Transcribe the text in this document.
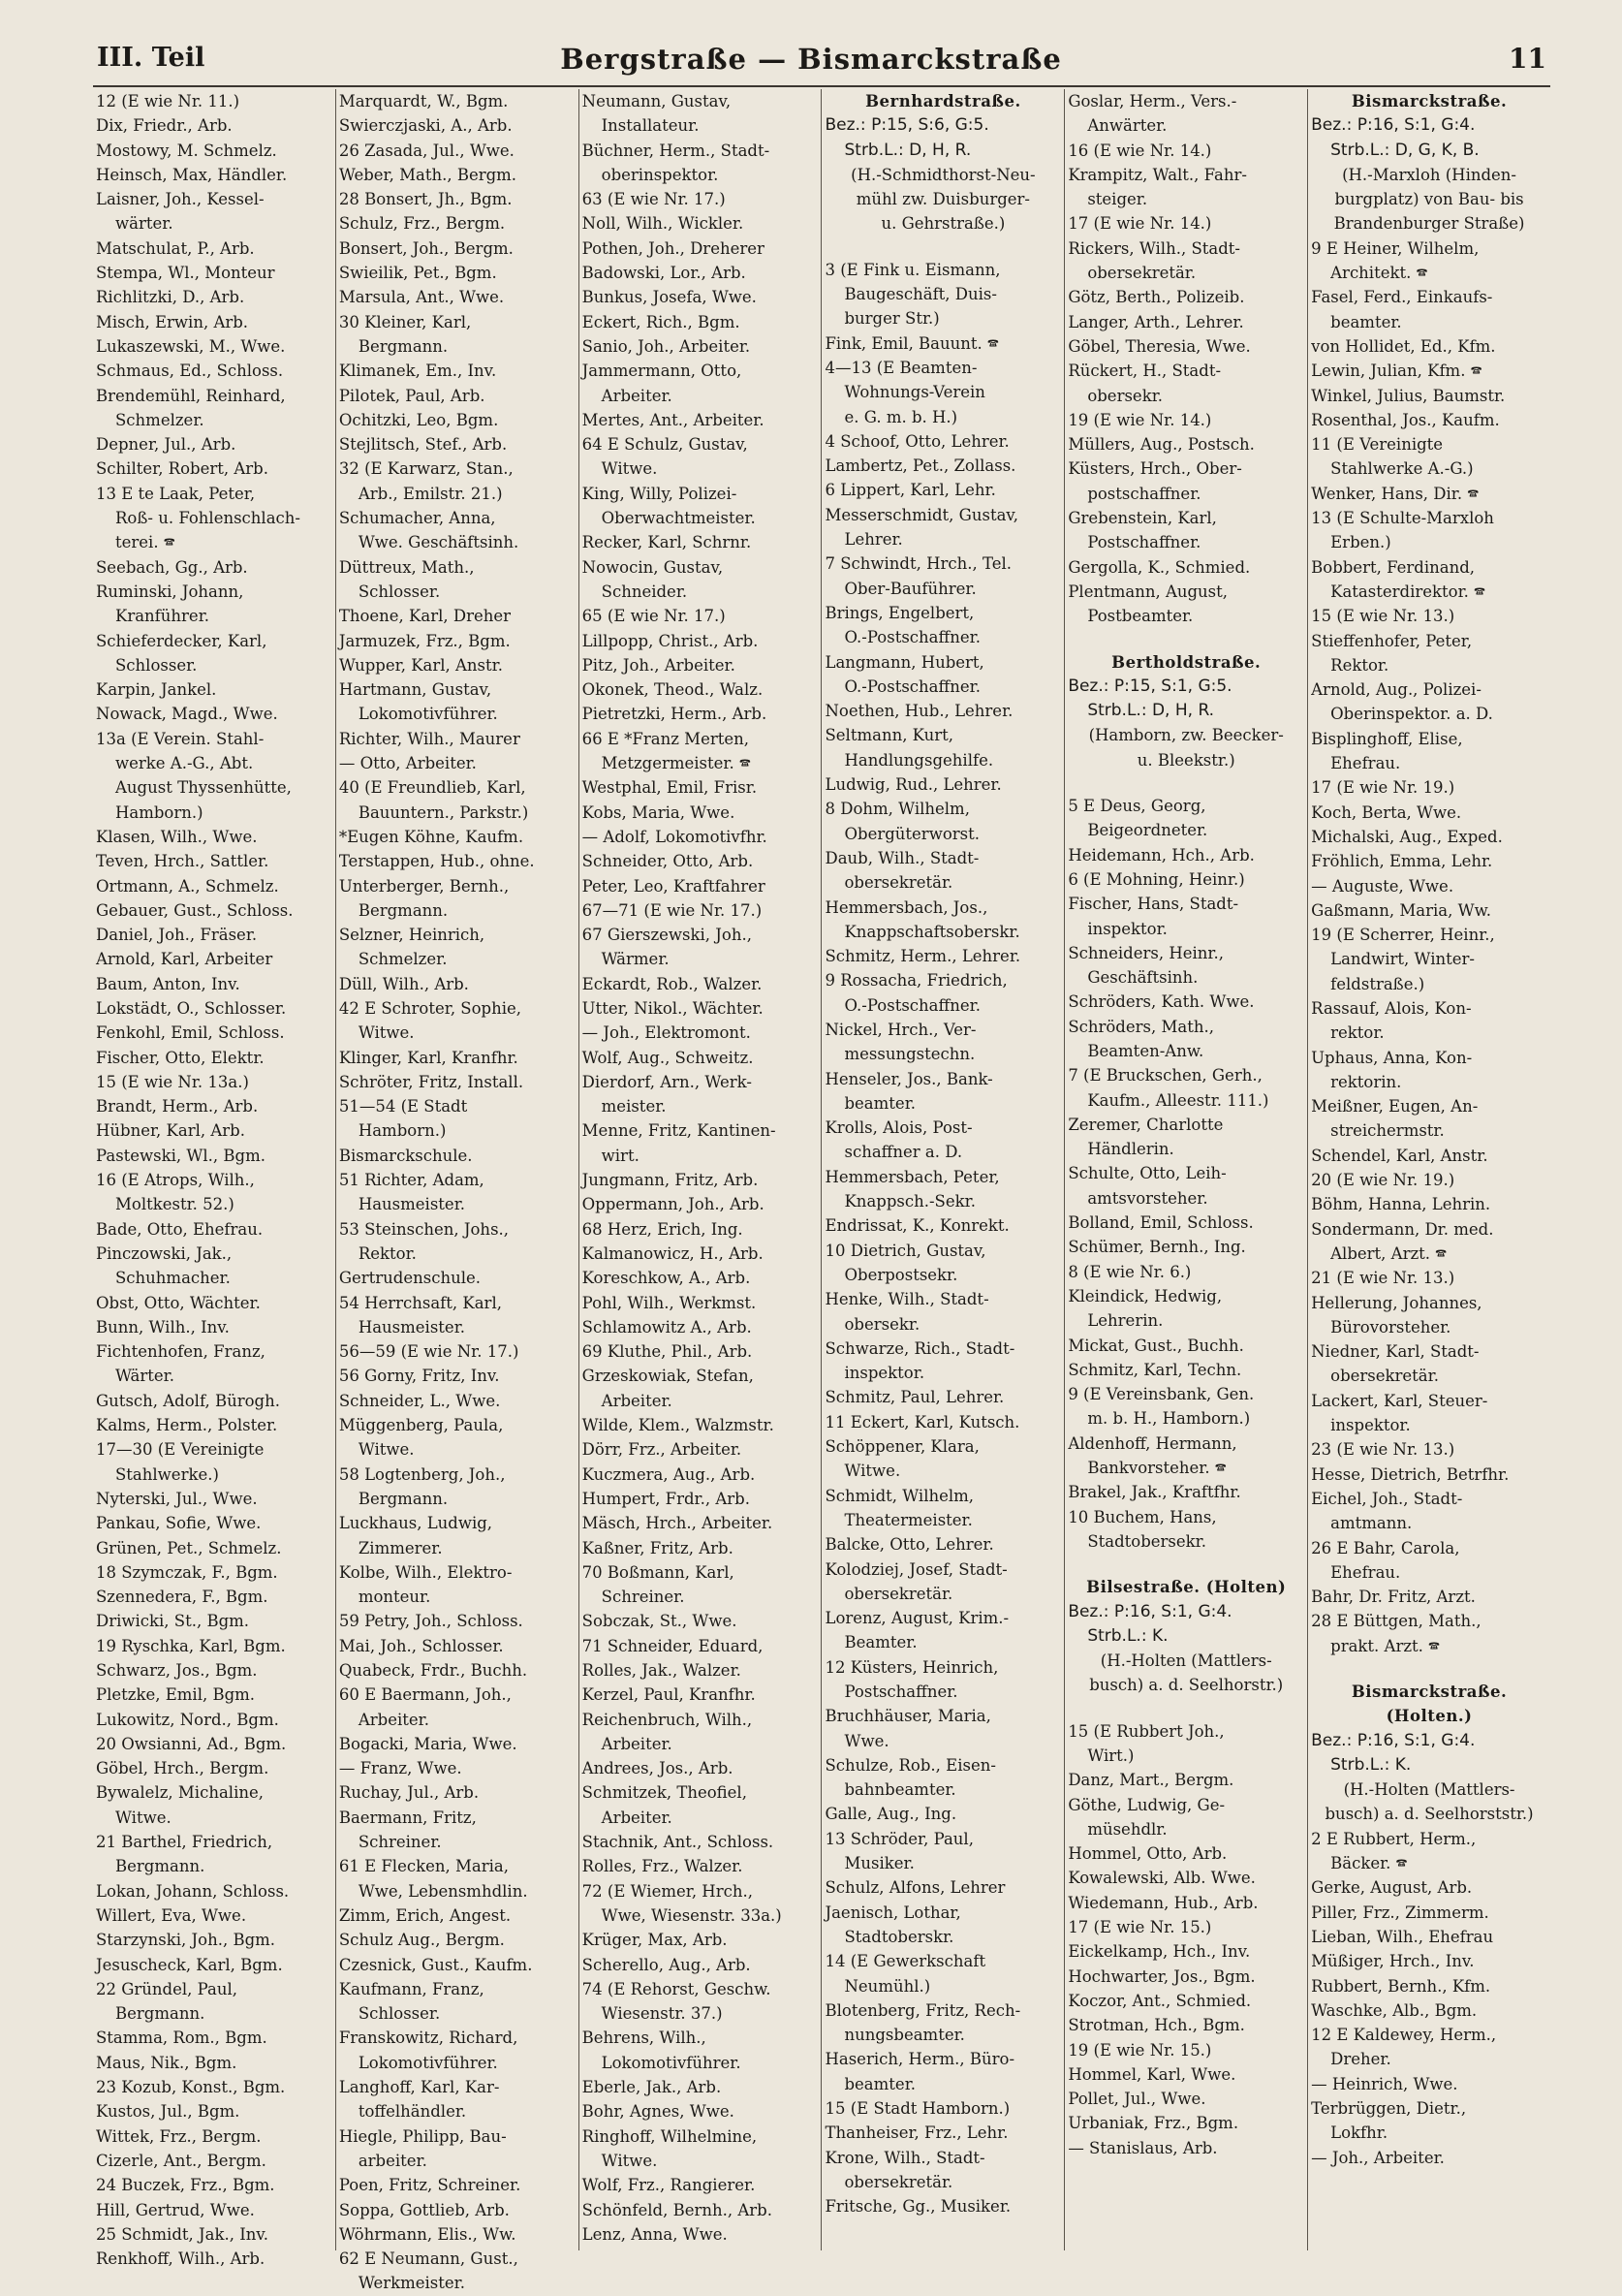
III. Teil	Bergstraße — Bismarckstraße	11
12 (E wie Nr. 11.)
Dix, Friedr., Arb.
Mostowy, M. Schmelz.
Heinsch, Max, Händler.
Laisner, Joh., Kessel-
wärter.
Matschulat, P., Arb.
Stempa, Wl., Monteur
Richlitzki, D., Arb.
Misch, Erwin, Arb.
Lukaszewski, M., Wwe.
Schmaus, Ed., Schloss.
Brendemühl, Reinhard,
Schmelzer.
Depner, Jul., Arb.
Schilter, Robert, Arb.
13 E te Laak, Peter,
Roß- u. Fohlenschlach-
terei. 🕿
Seebach, Gg., Arb.
Ruminski, Johann,
Kranführer.
Schieferdecker, Karl,
Schlosser.
Karpin, Jankel.
Nowack, Magd., Wwe.
13a (E Verein. Stahl-
werke A.-G., Abt.
August Thyssenhütte,
Hamborn.)
Klasen, Wilh., Wwe.
Teven, Hrch., Sattler.
Ortmann, A., Schmelz.
Gebauer, Gust., Schloss.
Daniel, Joh., Fräser.
Arnold, Karl, Arbeiter
Baum, Anton, Inv.
Lokstädt, O., Schlosser.
Fenkohl, Emil, Schloss.
Fischer, Otto, Elektr.
15 (E wie Nr. 13a.)
Brandt, Herm., Arb.
Hübner, Karl, Arb.
Pastewski, Wl., Bgm.
16 (E Atrops, Wilh.,
Moltkestr. 52.)
Bade, Otto, Ehefrau.
Pinczowski, Jak.,
Schuhmacher.
Obst, Otto, Wächter.
Bunn, Wilh., Inv.
Fichtenhofen, Franz,
Wärter.
Gutsch, Adolf, Bürogh.
Kalms, Herm., Polster.
17—30 (E Vereinigte
Stahlwerke.)
Nyterski, Jul., Wwe.
Pankau, Sofie, Wwe.
Grünen, Pet., Schmelz.
18 Szymczak, F., Bgm.
Szennedera, F., Bgm.
Driwicki, St., Bgm.
19 Ryschka, Karl, Bgm.
Schwarz, Jos., Bgm.
Pletzke, Emil, Bgm.
Lukowitz, Nord., Bgm.
20 Owsianni, Ad., Bgm.
Göbel, Hrch., Bergm.
Bywalelz, Michaline,
Witwe.
21 Barthel, Friedrich,
Bergmann.
Lokan, Johann, Schloss.
Willert, Eva, Wwe.
Starzynski, Joh., Bgm.
Jesuscheck, Karl, Bgm.
22 Gründel, Paul,
Bergmann.
Stamma, Rom., Bgm.
Maus, Nik., Bgm.
23 Kozub, Konst., Bgm.
Kustos, Jul., Bgm.
Wittek, Frz., Bergm.
Cizerle, Ant., Bergm.
24 Buczek, Frz., Bgm.
Hill, Gertrud, Wwe.
25 Schmidt, Jak., Inv.
Renkhoff, Wilh., Arb.
Marquardt, W., Bgm.
Swierczjaski, A., Arb.
26 Zasada, Jul., Wwe.
Weber, Math., Bergm.
28 Bonsert, Jh., Bgm.
Schulz, Frz., Bergm.
Bonsert, Joh., Bergm.
Swieilik, Pet., Bgm.
Marsula, Ant., Wwe.
30 Kleiner, Karl,
Bergmann.
Klimanek, Em., Inv.
Pilotek, Paul, Arb.
Ochitzki, Leo, Bgm.
Stejlitsch, Stef., Arb.
32 (E Karwarz, Stan.,
Arb., Emilstr. 21.)
Schumacher, Anna,
Wwe. Geschäftsinh.
Düttreux, Math.,
Schlosser.
Thoene, Karl, Dreher
Jarmuzek, Frz., Bgm.
Wupper, Karl, Anstr.
Hartmann, Gustav,
Lokomotivführer.
Richter, Wilh., Maurer
— Otto, Arbeiter.
40 (E Freundlieb, Karl,
Bauuntern., Parkstr.)
*Eugen Köhne, Kaufm.
Terstappen, Hub., ohne.
Unterberger, Bernh.,
Bergmann.
Selzner, Heinrich,
Schmelzer.
Düll, Wilh., Arb.
42 E Schroter, Sophie,
Witwe.
Klinger, Karl, Kranfhr.
Schröter, Fritz, Install.
51—54 (E Stadt
Hamborn.)
Bismarckschule.
51 Richter, Adam,
Hausmeister.
53 Steinschen, Johs.,
Rektor.
Gertrudenschule.
54 Herrchsaft, Karl,
Hausmeister.
56—59 (E wie Nr. 17.)
56 Gorny, Fritz, Inv.
Schneider, L., Wwe.
Müggenberg, Paula,
Witwe.
58 Logtenberg, Joh.,
Bergmann.
Luckhaus, Ludwig,
Zimmerer.
Kolbe, Wilh., Elektro-
monteur.
59 Petry, Joh., Schloss.
Mai, Joh., Schlosser.
Quabeck, Frdr., Buchh.
60 E Baermann, Joh.,
Arbeiter.
Bogacki, Maria, Wwe.
— Franz, Wwe.
Ruchay, Jul., Arb.
Baermann, Fritz,
Schreiner.
61 E Flecken, Maria,
Wwe, Lebensmhdlin.
Zimm, Erich, Angest.
Schulz Aug., Bergm.
Czesnick, Gust., Kaufm.
Kaufmann, Franz,
Schlosser.
Franskowitz, Richard,
Lokomotivführer.
Langhoff, Karl, Kar-
toffelhändler.
Hiegle, Philipp, Bau-
arbeiter.
Poen, Fritz, Schreiner.
Soppa, Gottlieb, Arb.
Wöhrmann, Elis., Ww.
62 E Neumann, Gust.,
Werkmeister.
Neumann, Gustav,
Installateur.
Büchner, Herm., Stadt-
oberinspektor.
63 (E wie Nr. 17.)
Noll, Wilh., Wickler.
Pothen, Joh., Dreherer
Badowski, Lor., Arb.
Bunkus, Josefa, Wwe.
Eckert, Rich., Bgm.
Sanio, Joh., Arbeiter.
Jammermann, Otto,
Arbeiter.
Mertes, Ant., Arbeiter.
64 E Schulz, Gustav,
Witwe.
King, Willy, Polizei-
Oberwachtmeister.
Recker, Karl, Schrnr.
Nowocin, Gustav,
Schneider.
65 (E wie Nr. 17.)
Lillpopp, Christ., Arb.
Pitz, Joh., Arbeiter.
Okonek, Theod., Walz.
Pietretzki, Herm., Arb.
66 E *Franz Merten,
Metzgermeister. 🕿
Westphal, Emil, Frisr.
Kobs, Maria, Wwe.
— Adolf, Lokomotivfhr.
Schneider, Otto, Arb.
Peter, Leo, Kraftfahrer
67—71 (E wie Nr. 17.)
67 Gierszewski, Joh.,
Wärmer.
Eckardt, Rob., Walzer.
Utter, Nikol., Wächter.
— Joh., Elektromont.
Wolf, Aug., Schweitz.
Dierdorf, Arn., Werk-
meister.
Menne, Fritz, Kantinen-
wirt.
Jungmann, Fritz, Arb.
Oppermann, Joh., Arb.
68 Herz, Erich, Ing.
Kalmanowicz, H., Arb.
Koreschkow, A., Arb.
Pohl, Wilh., Werkmst.
Schlamowitz A., Arb.
69 Kluthe, Phil., Arb.
Grzeskowiak, Stefan,
Arbeiter.
Wilde, Klem., Walzmstr.
Dörr, Frz., Arbeiter.
Kuczmera, Aug., Arb.
Humpert, Frdr., Arb.
Mäsch, Hrch., Arbeiter.
Kaßner, Fritz, Arb.
70 Boßmann, Karl,
Schreiner.
Sobczak, St., Wwe.
71 Schneider, Eduard,
Rolles, Jak., Walzer.
Kerzel, Paul, Kranfhr.
Reichenbruch, Wilh.,
Arbeiter.
Andrees, Jos., Arb.
Schmitzek, Theofiel,
Arbeiter.
Stachnik, Ant., Schloss.
Rolles, Frz., Walzer.
72 (E Wiemer, Hrch.,
Wwe, Wiesenstr. 33a.)
Krüger, Max, Arb.
Scherello, Aug., Arb.
74 (E Rehorst, Geschw.
Wiesenstr. 37.)
Behrens, Wilh.,
Lokomotivführer.
Eberle, Jak., Arb.
Bohr, Agnes, Wwe.
Ringhoff, Wilhelmine,
Witwe.
Wolf, Frz., Rangierer.
Schönfeld, Bernh., Arb.
Lenz, Anna, Wwe.
Bernhardstraße.
Bez.: P:15, S:6, G:5.
Strb.L.: D, H, R.
(H.-Schmidthorst-Neu-
mühl zw. Duisburger-
u. Gehrstraße.)
3 (E Fink u. Eismann,
Baugeschäft, Duis-
burger Str.)
Fink, Emil, Bauunt. 🕿
4—13 (E Beamten-
Wohnungs-Verein
e. G. m. b. H.)
4 Schoof, Otto, Lehrer.
Lambertz, Pet., Zollass.
6 Lippert, Karl, Lehr.
Messerschmidt, Gustav,
Lehrer.
7 Schwindt, Hrch., Tel.
Ober-Bauführer.
Brings, Engelbert,
O.-Postschaffner.
Langmann, Hubert,
O.-Postschaffner.
Noethen, Hub., Lehrer.
Seltmann, Kurt,
Handlungsgehilfe.
Ludwig, Rud., Lehrer.
8 Dohm, Wilhelm,
Obergüterworst.
Daub, Wilh., Stadt-
obersekretär.
Hemmersbach, Jos.,
Knappschaftsoberskr.
Schmitz, Herm., Lehrer.
9 Rossacha, Friedrich,
O.-Postschaffner.
Nickel, Hrch., Ver-
messungstechn.
Henseler, Jos., Bank-
beamter.
Krolls, Alois, Post-
schaffner a. D.
Hemmersbach, Peter,
Knappsch.-Sekr.
Endrissat, K., Konrekt.
10 Dietrich, Gustav,
Oberpostsekr.
Henke, Wilh., Stadt-
obersekr.
Schwarze, Rich., Stadt-
inspektor.
Schmitz, Paul, Lehrer.
11 Eckert, Karl, Kutsch.
Schöppener, Klara,
Witwe.
Schmidt, Wilhelm,
Theatermeister.
Balcke, Otto, Lehrer.
Kolodziej, Josef, Stadt-
obersekretär.
Lorenz, August, Krim.-
Beamter.
12 Küsters, Heinrich,
Postschaffner.
Bruchhäuser, Maria,
Wwe.
Schulze, Rob., Eisen-
bahnbeamter.
Galle, Aug., Ing.
13 Schröder, Paul,
Musiker.
Schulz, Alfons, Lehrer
Jaenisch, Lothar,
Stadtoberskr.
14 (E Gewerkschaft
Neumühl.)
Blotenberg, Fritz, Rech-
nungsbeamter.
Haserich, Herm., Büro-
beamter.
15 (E Stadt Hamborn.)
Thanheiser, Frz., Lehr.
Krone, Wilh., Stadt-
obersekretär.
Fritsche, Gg., Musiker.
Goslar, Herm., Vers.-
Anwärter.
16 (E wie Nr. 14.)
Krampitz, Walt., Fahr-
steiger.
17 (E wie Nr. 14.)
Rickers, Wilh., Stadt-
obersekretär.
Götz, Berth., Polizeib.
Langer, Arth., Lehrer.
Göbel, Theresia, Wwe.
Rückert, H., Stadt-
obersekr.
19 (E wie Nr. 14.)
Müllers, Aug., Postsch.
Küsters, Hrch., Ober-
postschaffner.
Grebenstein, Karl,
Postschaffner.
Gergolla, K., Schmied.
Plentmann, August,
Postbeamter.
Bertholdstraße.
Bez.: P:15, S:1, G:5.
Strb.L.: D, H, R.
(Hamborn, zw. Beecker-
u. Bleekstr.)
5 E Deus, Georg,
Beigeordneter.
Heidemann, Hch., Arb.
6 (E Mohning, Heinr.)
Fischer, Hans, Stadt-
inspektor.
Schneiders, Heinr.,
Geschäftsinh.
Schröders, Kath. Wwe.
Schröders, Math.,
Beamten-Anw.
7 (E Bruckschen, Gerh.,
Kaufm., Alleestr. 111.)
Zeremer, Charlotte
Händlerin.
Schulte, Otto, Leih-
amtsvorsteher.
Bolland, Emil, Schloss.
Schümer, Bernh., Ing.
8 (E wie Nr. 6.)
Kleindick, Hedwig,
Lehrerin.
Mickat, Gust., Buchh.
Schmitz, Karl, Techn.
9 (E Vereinsbank, Gen.
m. b. H., Hamborn.)
Aldenhoff, Hermann,
Bankvorsteher. 🕿
Brakel, Jak., Kraftfhr.
10 Buchem, Hans,
Stadtobersekr.
Bilsestraße. (Holten)
Bez.: P:16, S:1, G:4.
Strb.L.: K.
(H.-Holten (Mattlers-
busch) a. d. Seelhorstr.)
15 (E Rubbert Joh.,
Wirt.)
Danz, Mart., Bergm.
Göthe, Ludwig, Ge-
müsehdlr.
Hommel, Otto, Arb.
Kowalewski, Alb. Wwe.
Wiedemann, Hub., Arb.
17 (E wie Nr. 15.)
Eickelkamp, Hch., Inv.
Hochwarter, Jos., Bgm.
Koczor, Ant., Schmied.
Strotman, Hch., Bgm.
19 (E wie Nr. 15.)
Hommel, Karl, Wwe.
Pollet, Jul., Wwe.
Urbaniak, Frz., Bgm.
— Stanislaus, Arb.
Bismarckstraße.
Bez.: P:16, S:1, G:4.
Strb.L.: D, G, K, B.
(H.-Marxloh (Hinden-
burgplatz) von Bau- bis
Brandenburger Straße)
9 E Heiner, Wilhelm,
Architekt. 🕿
Fasel, Ferd., Einkaufs-
beamter.
von Hollidet, Ed., Kfm.
Lewin, Julian, Kfm. 🕿
Winkel, Julius, Baumstr.
Rosenthal, Jos., Kaufm.
11 (E Vereinigte
Stahlwerke A.-G.)
Wenker, Hans, Dir. 🕿
13 (E Schulte-Marxloh
Erben.)
Bobbert, Ferdinand,
Katasterdirektor. 🕿
15 (E wie Nr. 13.)
Stieffenhofer, Peter,
Rektor.
Arnold, Aug., Polizei-
Oberinspektor. a. D.
Bisplinghoff, Elise,
Ehefrau.
17 (E wie Nr. 19.)
Koch, Berta, Wwe.
Michalski, Aug., Exped.
Fröhlich, Emma, Lehr.
— Auguste, Wwe.
Gaßmann, Maria, Ww.
19 (E Scherrer, Heinr.,
Landwirt, Winter-
feldstraße.)
Rassauf, Alois, Kon-
rektor.
Uphaus, Anna, Kon-
rektorin.
Meißner, Eugen, An-
streichermstr.
Schendel, Karl, Anstr.
20 (E wie Nr. 19.)
Böhm, Hanna, Lehrin.
Sondermann, Dr. med.
Albert, Arzt. 🕿
21 (E wie Nr. 13.)
Hellerung, Johannes,
Bürovorsteher.
Niedner, Karl, Stadt-
obersekretär.
Lackert, Karl, Steuer-
inspektor.
23 (E wie Nr. 13.)
Hesse, Dietrich, Betrfhr.
Eichel, Joh., Stadt-
amtmann.
26 E Bahr, Carola,
Ehefrau.
Bahr, Dr. Fritz, Arzt.
28 E Büttgen, Math.,
prakt. Arzt. 🕿
Bismarckstraße.
(Holten.)
Bez.: P:16, S:1, G:4.
Strb.L.: K.
(H.-Holten (Mattlers-
busch) a. d. Seelhorststr.)
2 E Rubbert, Herm.,
Bäcker. 🕿
Gerke, August, Arb.
Piller, Frz., Zimmerm.
Lieban, Wilh., Ehefrau
Müßiger, Hrch., Inv.
Rubbert, Bernh., Kfm.
Waschke, Alb., Bgm.
12 E Kaldewey, Herm.,
Dreher.
— Heinrich, Wwe.
Terbrüggen, Dietr.,
Lokfhr.
— Joh., Arbeiter.
